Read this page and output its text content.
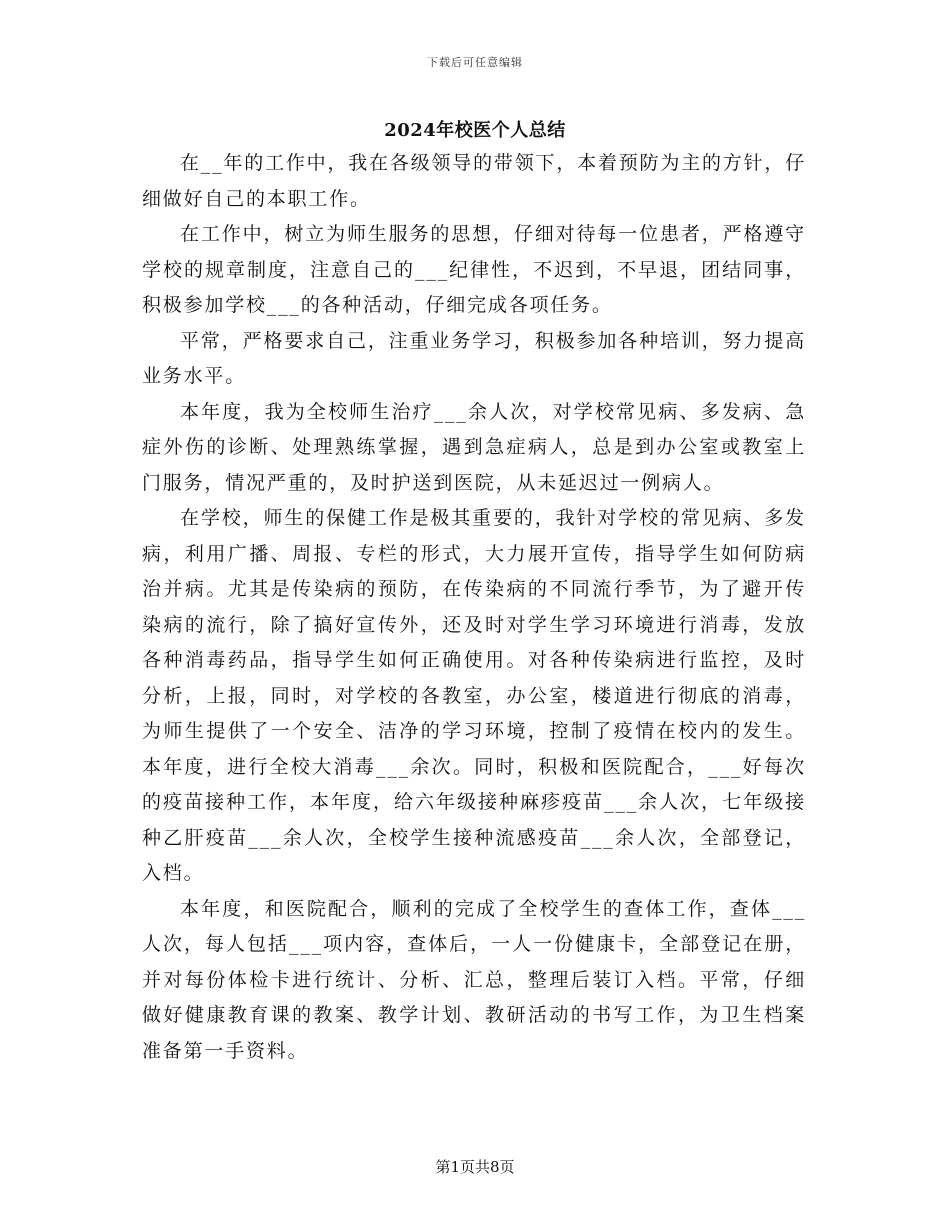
下载后可任意编辑
2024年校医个人总结

在__年的工作中，我在各级领导的带领下，本着预防为主的方针，仔细做好自己的本职工作。

在工作中，树立为师生服务的思想，仔细对待每一位患者，严格遵守学校的规章制度，注意自己的___纪律性，不迟到，不早退，团结同事，积极参加学校___的各种活动，仔细完成各项任务。

平常，严格要求自己，注重业务学习，积极参加各种培训，努力提高业务水平。

本年度，我为全校师生治疗___余人次，对学校常见病、多发病、急症外伤的诊断、处理熟练掌握，遇到急症病人，总是到办公室或教室上门服务，情况严重的，及时护送到医院，从未延迟过一例病人。

在学校，师生的保健工作是极其重要的，我针对学校的常见病、多发病，利用广播、周报、专栏的形式，大力展开宣传，指导学生如何防病治并病。尤其是传染病的预防，在传染病的不同流行季节，为了避开传染病的流行，除了搞好宣传外，还及时对学生学习环境进行消毒，发放各种消毒药品，指导学生如何正确使用。对各种传染病进行监控，及时分析，上报，同时，对学校的各教室，办公室，楼道进行彻底的消毒，为师生提供了一个安全、洁净的学习环境，控制了疫情在校内的发生。本年度，进行全校大消毒___余次。同时，积极和医院配合，___好每次的疫苗接种工作，本年度，给六年级接种麻疹疫苗___余人次，七年级接种乙肝疫苗___余人次，全校学生接种流感疫苗___余人次，全部登记，入档。

本年度，和医院配合，顺利的完成了全校学生的查体工作，查体___人次，每人包括___项内容，查体后，一人一份健康卡，全部登记在册，并对每份体检卡进行统计、分析、汇总，整理后装订入档。平常，仔细做好健康教育课的教案、教学计划、教研活动的书写工作，为卫生档案准备第一手资料。

第1页共8页
